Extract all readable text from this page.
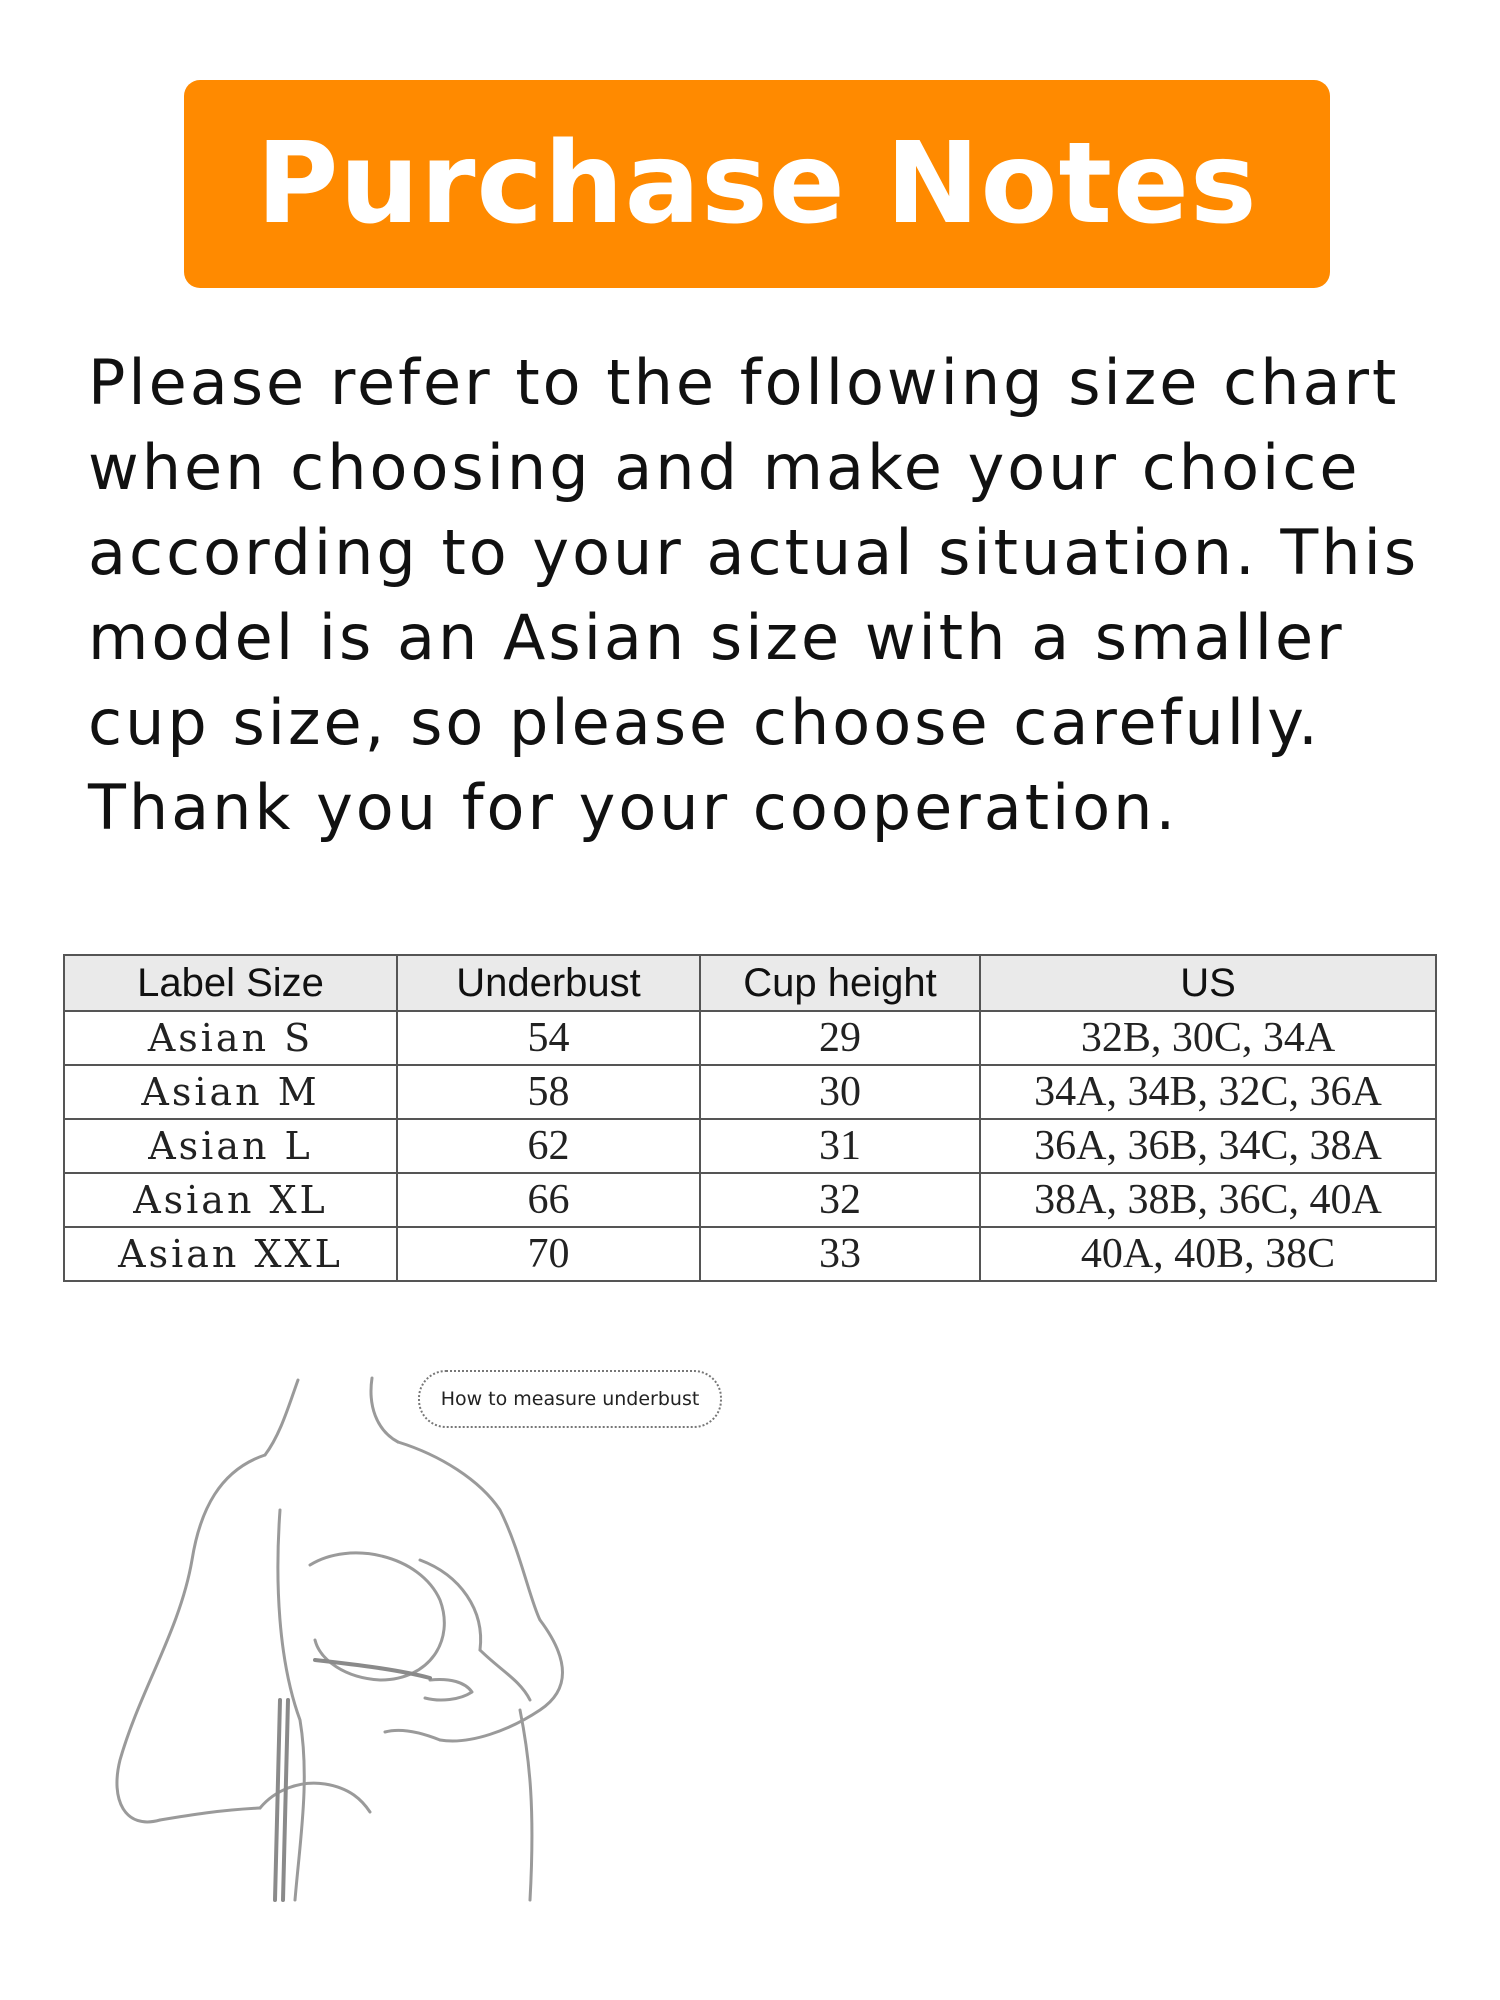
Purchase Notes
Please refer to the following size chart
when choosing and make your choice
according to your actual situation. This
model is an Asian size with a smaller
cup size, so please choose carefully.
Thank you for your cooperation.
Label Size	Underbust	Cup height	US
Asian S	54	29	32B, 30C, 34A
Asian M	58	30	34A, 34B, 32C, 36A
Asian L	62	31	36A, 36B, 34C, 38A
Asian XL	66	32	38A, 38B, 36C, 40A
Asian XXL	70	33	40A, 40B, 38C
How to measure underbust
